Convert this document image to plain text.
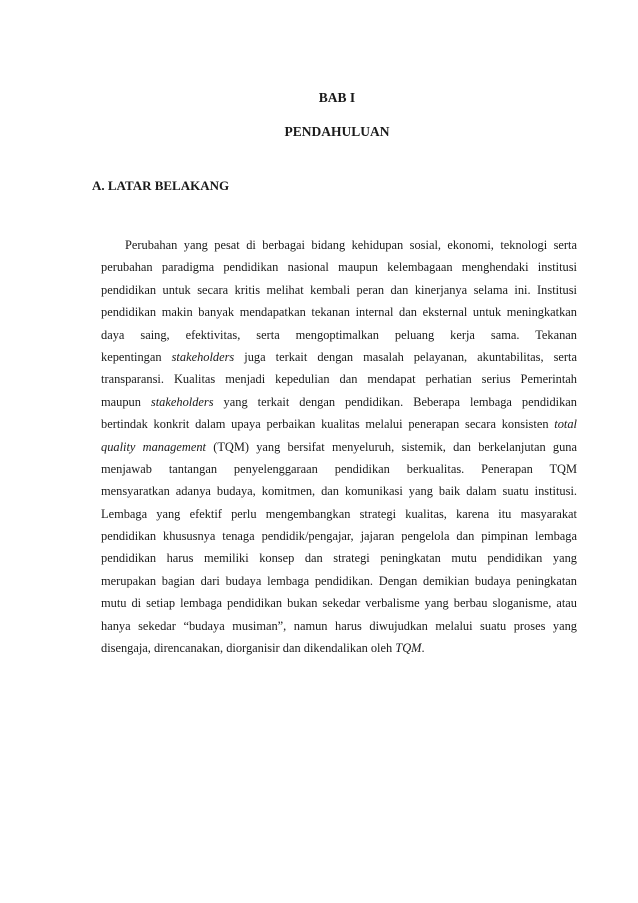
BAB I
PENDAHULUAN
A. LATAR BELAKANG
Perubahan yang pesat di berbagai bidang kehidupan sosial, ekonomi, teknologi serta
perubahan paradigma pendidikan nasional maupun kelembagaan menghendaki institusi
pendidikan untuk secara kritis melihat kembali peran dan kinerjanya selama ini. Institusi
pendidikan makin banyak mendapatkan tekanan internal dan eksternal untuk meningkatkan
daya saing, efektivitas, serta mengoptimalkan peluang kerja sama. Tekanan
kepentingan stakeholders juga terkait dengan masalah pelayanan, akuntabilitas, serta
transparansi. Kualitas menjadi kepedulian dan mendapat perhatian serius Pemerintah
maupun stakeholders yang terkait dengan pendidikan. Beberapa lembaga pendidikan
bertindak konkrit dalam upaya perbaikan kualitas melalui penerapan secara konsisten total
quality management (TQM) yang bersifat menyeluruh, sistemik, dan berkelanjutan guna
menjawab tantangan penyelenggaraan pendidikan berkualitas. Penerapan TQM
mensyaratkan adanya budaya, komitmen, dan komunikasi yang baik dalam suatu institusi.
Lembaga yang efektif perlu mengembangkan strategi kualitas, karena itu masyarakat
pendidikan khususnya tenaga pendidik/pengajar, jajaran pengelola dan pimpinan lembaga
pendidikan harus memiliki konsep dan strategi peningkatan mutu pendidikan yang
merupakan bagian dari budaya lembaga pendidikan. Dengan demikian budaya peningkatan
mutu di setiap lembaga pendidikan bukan sekedar verbalisme yang berbau sloganisme, atau
hanya sekedar “budaya musiman”, namun harus diwujudkan melalui suatu proses yang
disengaja, direncanakan, diorganisir dan dikendalikan oleh TQM.
